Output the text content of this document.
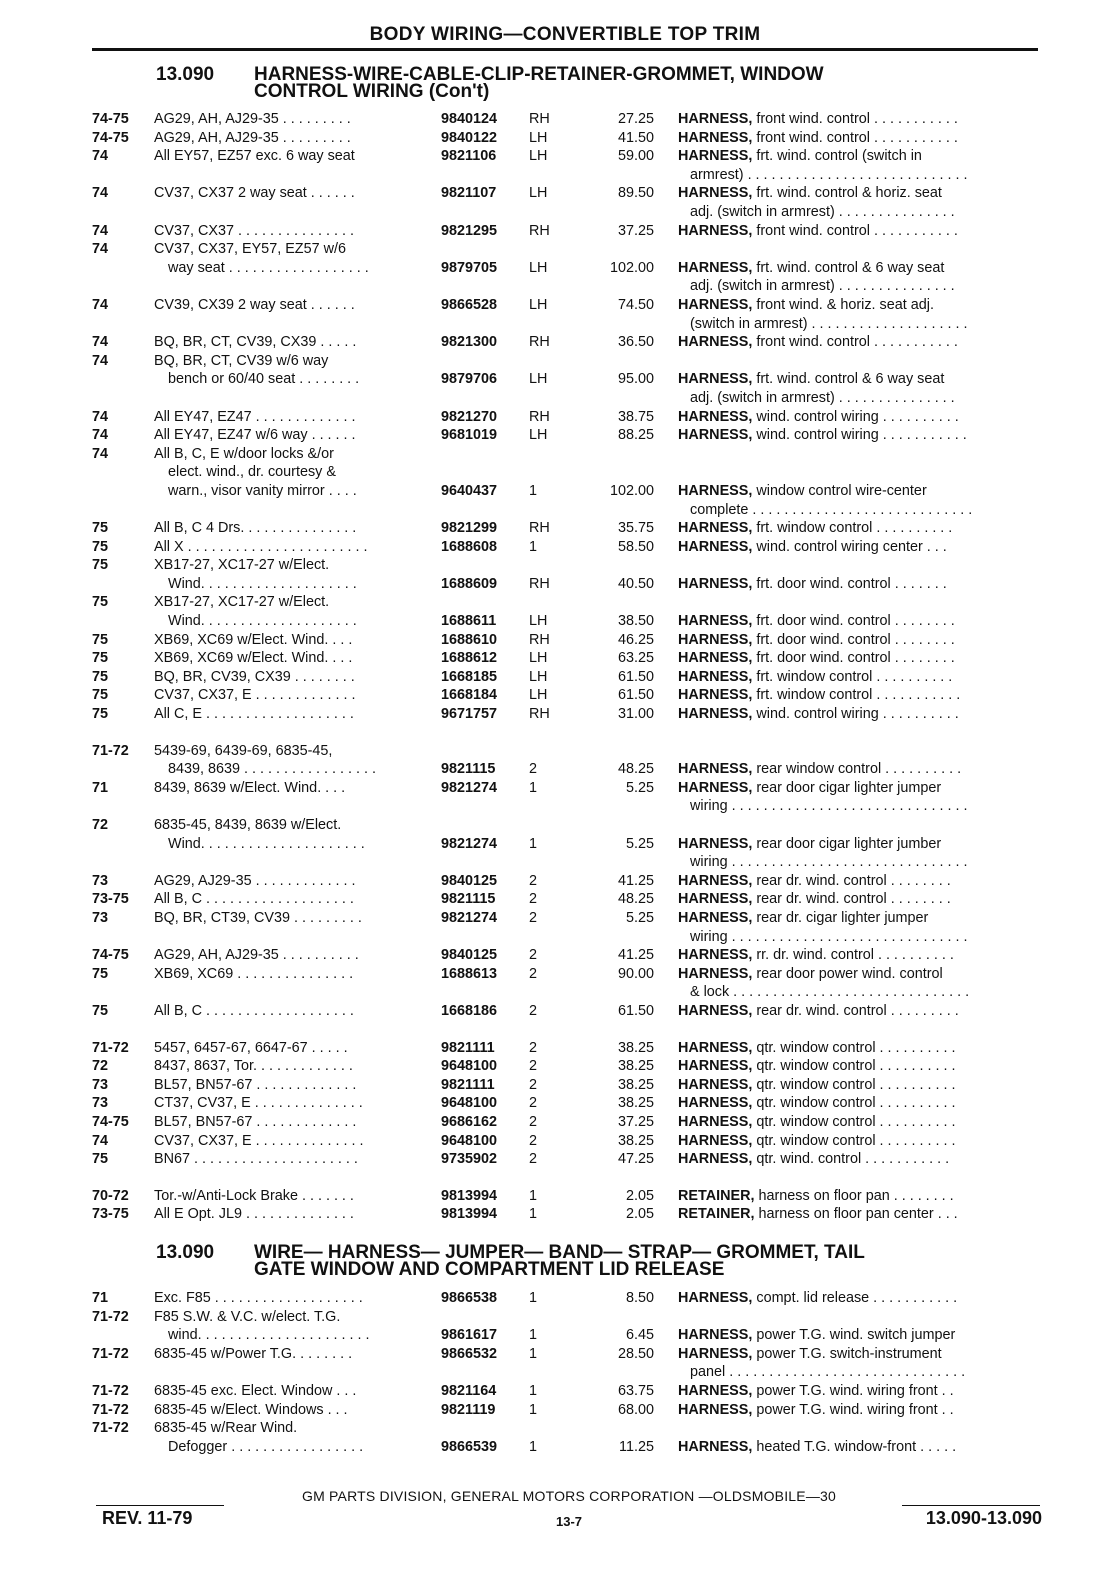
BODY WIRING—CONVERTIBLE TOP TRIM
13.090 HARNESS-WIRE-CABLE-CLIP-RETAINER-GROMMET, WINDOW
CONTROL WIRING (Con't)
74-75	AG29, AH, AJ29-35 . . . . . . . . .	9840124	RH	27.25 HARNESS, front wind. control . . . . . . . . . . .
74-75	AG29, AH, AJ29-35 . . . . . . . . .	9840122	LH	41.50 HARNESS, front wind. control . . . . . . . . . . .
74	All EY57, EZ57 exc. 6 way seat	9821106	LH	59.00 HARNESS, frt. wind. control (switch in
armrest) . . . . . . . . . . . . . . . . . . . . . . . . . . . .
74	CV37, CX37 2 way seat . . . . . .	9821107	LH	89.50 HARNESS, frt. wind. control & horiz. seat
adj. (switch in armrest) . . . . . . . . . . . . . . .
74	CV37, CX37 . . . . . . . . . . . . . . .	9821295	RH	37.25 HARNESS, front wind. control . . . . . . . . . . .
74	CV37, CX37, EY57, EZ57 w/6
way seat . . . . . . . . . . . . . . . . . .	9879705	LH	102.00 HARNESS, frt. wind. control & 6 way seat
adj. (switch in armrest) . . . . . . . . . . . . . . .
74	CV39, CX39 2 way seat . . . . . .	9866528	LH	74.50 HARNESS, front wind. & horiz. seat adj.
(switch in armrest) . . . . . . . . . . . . . . . . . . . .
74	BQ, BR, CT, CV39, CX39 . . . . .	9821300	RH	36.50 HARNESS, front wind. control . . . . . . . . . . .
74	BQ, BR, CT, CV39 w/6 way
bench or 60/40 seat . . . . . . . .	9879706	LH	95.00 HARNESS, frt. wind. control & 6 way seat
adj. (switch in armrest) . . . . . . . . . . . . . . .
74	All EY47, EZ47 . . . . . . . . . . . . .	9821270	RH	38.75 HARNESS, wind. control wiring . . . . . . . . . .
74	All EY47, EZ47 w/6 way . . . . . .	9681019	LH	88.25 HARNESS, wind. control wiring . . . . . . . . . . .
74	All B, C, E w/door locks &/or
elect. wind., dr. courtesy &
warn., visor vanity mirror . . . .	9640437	1	102.00 HARNESS, window control wire-center
complete . . . . . . . . . . . . . . . . . . . . . . . . . . . .
75	All B, C 4 Drs. . . . . . . . . . . . . . .	9821299	RH	35.75 HARNESS, frt. window control . . . . . . . . . .
75	All X . . . . . . . . . . . . . . . . . . . . . . .	1688608	1	58.50 HARNESS, wind. control wiring center . . .
75	XB17-27, XC17-27 w/Elect.
Wind. . . . . . . . . . . . . . . . . . . .	1688609	RH	40.50 HARNESS, frt. door wind. control . . . . . . .
75	XB17-27, XC17-27 w/Elect.
Wind. . . . . . . . . . . . . . . . . . . .	1688611	LH	38.50 HARNESS, frt. door wind. control . . . . . . . .
75	XB69, XC69 w/Elect. Wind. . . .	1688610	RH	46.25 HARNESS, frt. door wind. control . . . . . . . .
75	XB69, XC69 w/Elect. Wind. . . .	1688612	LH	63.25 HARNESS, frt. door wind. control . . . . . . . .
75	BQ, BR, CV39, CX39 . . . . . . . .	1668185	LH	61.50 HARNESS, frt. window control . . . . . . . . . .
75	CV37, CX37, E . . . . . . . . . . . . .	1668184	LH	61.50 HARNESS, frt. window control . . . . . . . . . . .
75	All C, E . . . . . . . . . . . . . . . . . . .	9671757	RH	31.00 HARNESS, wind. control wiring . . . . . . . . . .
71-72	5439-69, 6439-69, 6835-45,
8439, 8639 . . . . . . . . . . . . . . . . .	9821115	2	48.25 HARNESS, rear window control . . . . . . . . . .
71	8439, 8639 w/Elect. Wind. . . .	9821274	1	5.25 HARNESS, rear door cigar lighter jumper
wiring . . . . . . . . . . . . . . . . . . . . . . . . . . . . . .
72	6835-45, 8439, 8639 w/Elect.
Wind. . . . . . . . . . . . . . . . . . . . .	9821274	1	5.25 HARNESS, rear door cigar lighter jumber
wiring . . . . . . . . . . . . . . . . . . . . . . . . . . . . . .
73	AG29, AJ29-35 . . . . . . . . . . . . .	9840125	2	41.25 HARNESS, rear dr. wind. control . . . . . . . .
73-75	All B, C . . . . . . . . . . . . . . . . . . .	9821115	2	48.25 HARNESS, rear dr. wind. control . . . . . . . .
73	BQ, BR, CT39, CV39 . . . . . . . . .	9821274	2	5.25 HARNESS, rear dr. cigar lighter jumper
wiring . . . . . . . . . . . . . . . . . . . . . . . . . . . . . .
74-75	AG29, AH, AJ29-35 . . . . . . . . . .	9840125	2	41.25 HARNESS, rr. dr. wind. control . . . . . . . . . .
75	XB69, XC69 . . . . . . . . . . . . . . .	1688613	2	90.00 HARNESS, rear door power wind. control
& lock . . . . . . . . . . . . . . . . . . . . . . . . . . . . . .
75	All B, C . . . . . . . . . . . . . . . . . . .	1668186	2	61.50 HARNESS, rear dr. wind. control . . . . . . . . .
71-72	5457, 6457-67, 6647-67 . . . . .	9821111	2	38.25 HARNESS, qtr. window control . . . . . . . . . .
72	8437, 8637, Tor. . . . . . . . . . . . .	9648100	2	38.25 HARNESS, qtr. window control . . . . . . . . . .
73	BL57, BN57-67 . . . . . . . . . . . . .	9821111	2	38.25 HARNESS, qtr. window control . . . . . . . . . .
73	CT37, CV37, E . . . . . . . . . . . . . .	9648100	2	38.25 HARNESS, qtr. window control . . . . . . . . . .
74-75	BL57, BN57-67 . . . . . . . . . . . . .	9686162	2	37.25 HARNESS, qtr. window control . . . . . . . . . .
74	CV37, CX37, E . . . . . . . . . . . . . .	9648100	2	38.25 HARNESS, qtr. window control . . . . . . . . . .
75	BN67 . . . . . . . . . . . . . . . . . . . . .	9735902	2	47.25 HARNESS, qtr. wind. control . . . . . . . . . . .
70-72	Tor.-w/Anti-Lock Brake . . . . . . .	9813994	1	2.05 RETAINER, harness on floor pan . . . . . . . .
73-75	All E Opt. JL9 . . . . . . . . . . . . . .	9813994	1	2.05 RETAINER, harness on floor pan center . . .
13.090 WIRE— HARNESS— JUMPER— BAND— STRAP— GROMMET, TAIL
GATE WINDOW AND COMPARTMENT LID RELEASE
71	Exc. F85 . . . . . . . . . . . . . . . . . . .	9866538	1	8.50 HARNESS, compt. lid release . . . . . . . . . . .
71-72	F85 S.W. & V.C. w/elect. T.G.
wind. . . . . . . . . . . . . . . . . . . . . .	9861617	1	6.45 HARNESS, power T.G. wind. switch jumper
71-72	6835-45 w/Power T.G. . . . . . . .	9866532	1	28.50 HARNESS, power T.G. switch-instrument
panel . . . . . . . . . . . . . . . . . . . . . . . . . . . . . .
71-72	6835-45 exc. Elect. Window . . .	9821164	1	63.75 HARNESS, power T.G. wind. wiring front . .
71-72	6835-45 w/Elect. Windows . . .	9821119	1	68.00 HARNESS, power T.G. wind. wiring front . .
71-72	6835-45 w/Rear Wind.
Defogger . . . . . . . . . . . . . . . . .	9866539	1	11.25 HARNESS, heated T.G. window-front . . . . .
GM PARTS DIVISION, GENERAL MOTORS CORPORATION —OLDSMOBILE—30
REV. 11-79	13-7	13.090-13.090
